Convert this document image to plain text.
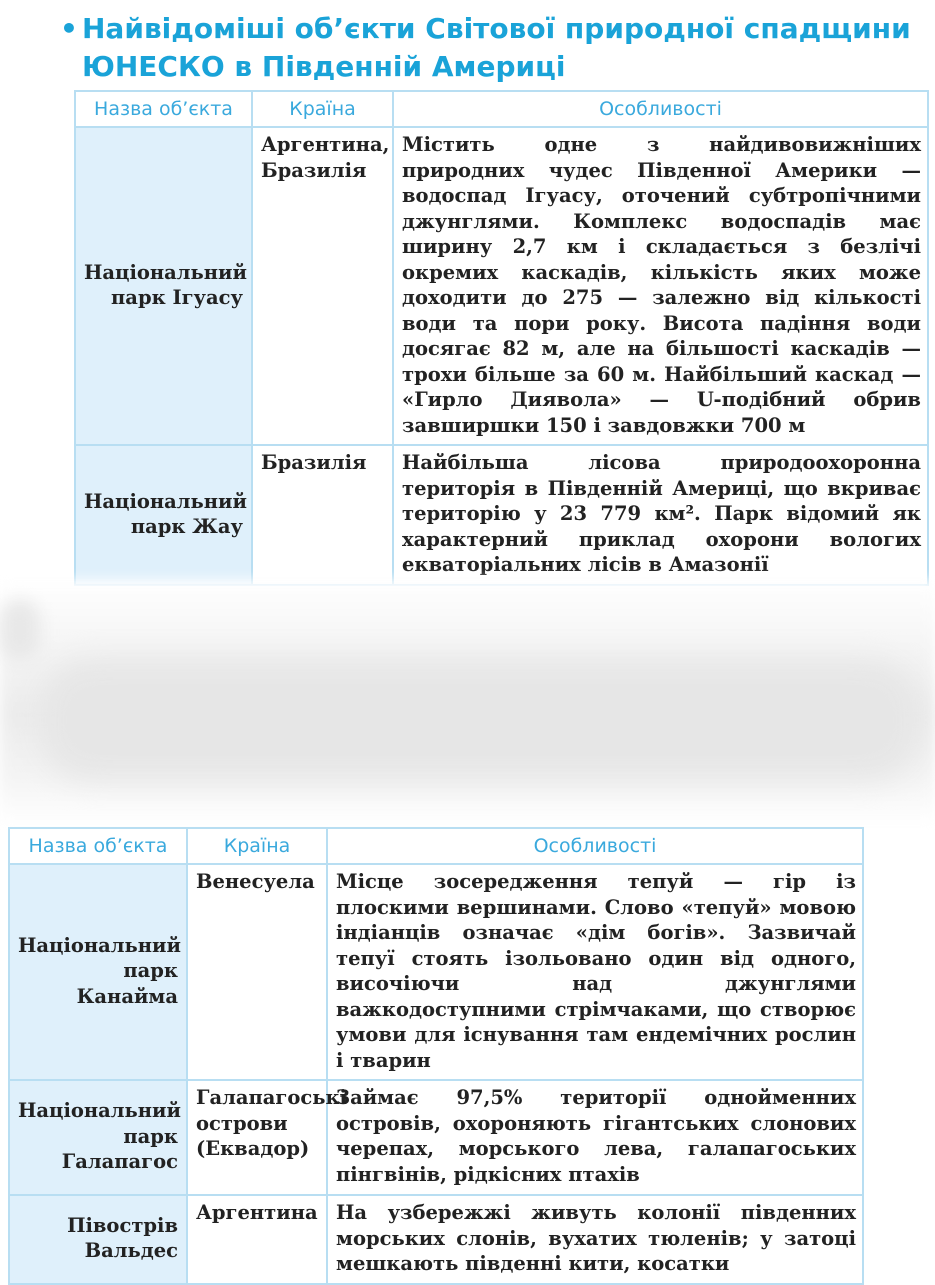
• Найвідоміші об’єкти Світової природної спадщини ЮНЕСКО в Південній Америці
Назва об’єкта	Країна	Особливості
Національний парк Ігуасу	Аргентина, Бразилія	Містить одне з найдивовижніших природних чудес Південної Америки — водоспад Ігуасу, оточений субтропічними джунглями. Комплекс водоспадів має ширину 2,7 км і складається з безлічі окремих каскадів, кількість яких може доходити до 275 — залежно від кількості води та пори року. Висота падіння води досягає 82 м, але на більшості каскадів — трохи більше за 60 м. Найбільший каскад — «Гирло Диявола» — U-подібний обрив завширшки 150 і завдовжки 700 м
Національний парк Жау	Бразилія	Найбільша лісова природоохоронна територія в Південній Америці, що вкриває територію у 23 779 км². Парк відомий як характерний приклад охорони вологих екваторіальних лісів в Амазонії
Назва об’єкта	Країна	Особливості
Національний парк Канайма	Венесуела	Місце зосередження тепуй — гір із плоскими вершинами. Слово «тепуй» мовою індіанців означає «дім богів». Зазвичай тепуї стоять ізольовано один від одного, височіючи над джунглями важкодоступними стрімчаками, що створює умови для існування там ендемічних рослин і тварин
Національний парк Галапагос	Галапагоські острови (Еквадор)	Займає 97,5% території однойменних островів, охороняють гігантських слонових черепах, морського лева, галапагоських пінгвінів, рідкісних птахів
Півострів Вальдес	Аргентина	На узбережжі живуть колонії південних морських слонів, вухатих тюленів; у затоці мешкають південні кити, косатки
